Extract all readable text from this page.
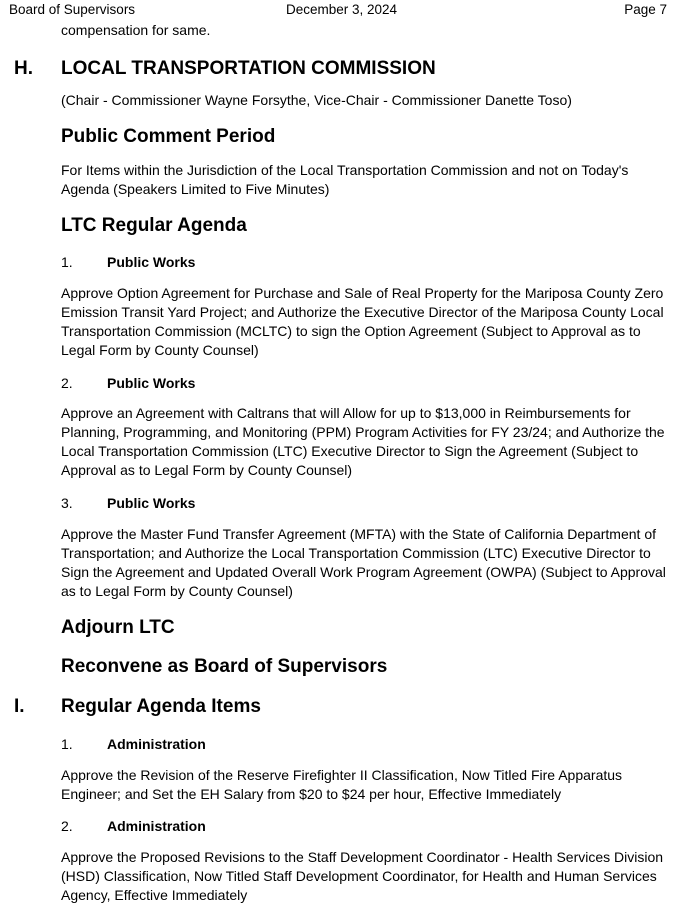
Board of Supervisors	December 3, 2024	Page 7
compensation for same.
H. LOCAL TRANSPORTATION COMMISSION
(Chair - Commissioner Wayne Forsythe, Vice-Chair - Commissioner Danette Toso)
Public Comment Period
For Items within the Jurisdiction of the Local Transportation Commission and not on Today's Agenda (Speakers Limited to Five Minutes)
LTC Regular Agenda
1. Public Works
Approve Option Agreement for Purchase and Sale of Real Property for the Mariposa County Zero Emission Transit Yard Project; and Authorize the Executive Director of the Mariposa County Local Transportation Commission (MCLTC) to sign the Option Agreement (Subject to Approval as to Legal Form by County Counsel)
2. Public Works
Approve an Agreement with Caltrans that will Allow for up to $13,000 in Reimbursements for Planning, Programming, and Monitoring (PPM) Program Activities for FY 23/24; and Authorize the Local Transportation Commission (LTC) Executive Director to Sign the Agreement (Subject to Approval as to Legal Form by County Counsel)
3. Public Works
Approve the Master Fund Transfer Agreement (MFTA) with the State of California Department of Transportation; and Authorize the Local Transportation Commission (LTC) Executive Director to Sign the Agreement and Updated Overall Work Program Agreement (OWPA) (Subject to Approval as to Legal Form by County Counsel)
Adjourn LTC
Reconvene as Board of Supervisors
I. Regular Agenda Items
1. Administration
Approve the Revision of the Reserve Firefighter II Classification, Now Titled Fire Apparatus Engineer; and Set the EH Salary from $20 to $24 per hour, Effective Immediately
2. Administration
Approve the Proposed Revisions to the Staff Development Coordinator - Health Services Division (HSD) Classification, Now Titled Staff Development Coordinator, for Health and Human Services Agency, Effective Immediately
